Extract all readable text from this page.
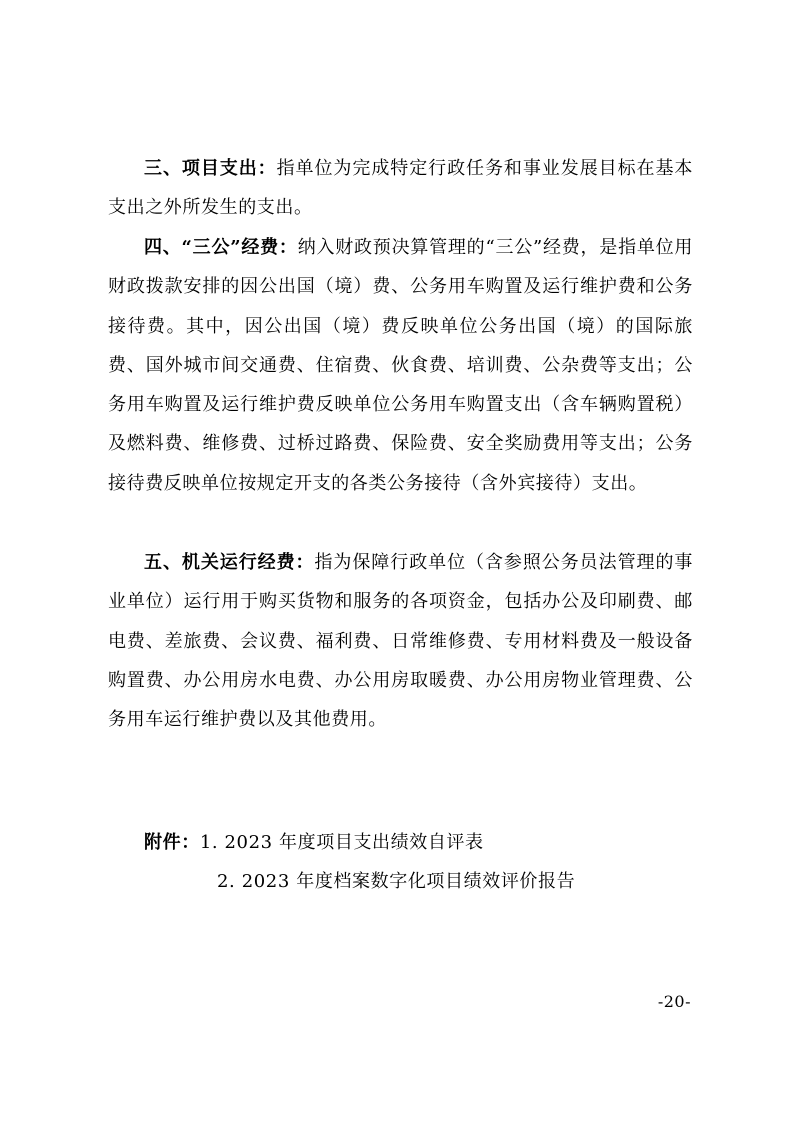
三、项目支出：指单位为完成特定行政任务和事业发展目标在基本支出之外所发生的支出。

四、“三公”经费：纳入财政预决算管理的“三公”经费，是指单位用财政拨款安排的因公出国（境）费、公务用车购置及运行维护费和公务接待费。其中，因公出国（境）费反映单位公务出国（境）的国际旅费、国外城市间交通费、住宿费、伙食费、培训费、公杂费等支出；公务用车购置及运行维护费反映单位公务用车购置支出（含车辆购置税）及燃料费、维修费、过桥过路费、保险费、安全奖励费用等支出；公务接待费反映单位按规定开支的各类公务接待（含外宾接待）支出。

五、机关运行经费：指为保障行政单位（含参照公务员法管理的事业单位）运行用于购买货物和服务的各项资金，包括办公及印刷费、邮电费、差旅费、会议费、福利费、日常维修费、专用材料费及一般设备购置费、办公用房水电费、办公用房取暖费、办公用房物业管理费、公务用车运行维护费以及其他费用。

附件：1. 2023 年度项目支出绩效自评表

2. 2023 年度档案数字化项目绩效评价报告

-20-
